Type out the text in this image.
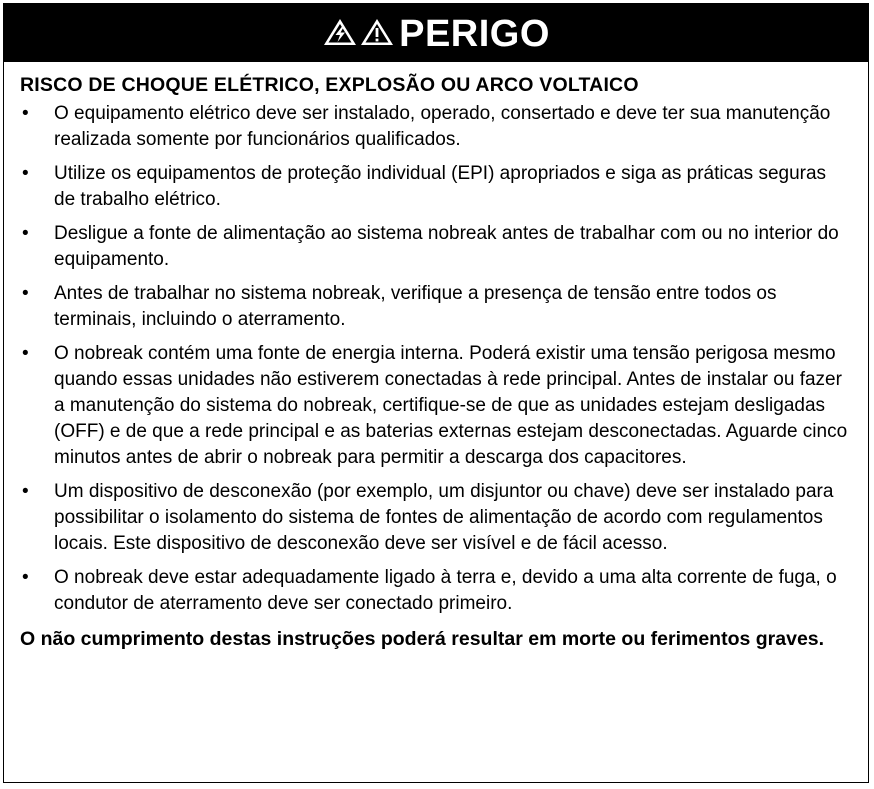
PERIGO
RISCO DE CHOQUE ELÉTRICO, EXPLOSÃO OU ARCO VOLTAICO
•	O equipamento elétrico deve ser instalado, operado, consertado e deve ter sua manutenção realizada somente por funcionários qualificados.
•	Utilize os equipamentos de proteção individual (EPI) apropriados e siga as práticas seguras de trabalho elétrico.
•	Desligue a fonte de alimentação ao sistema nobreak antes de trabalhar com ou no interior do equipamento.
•	Antes de trabalhar no sistema nobreak, verifique a presença de tensão entre todos os terminais, incluindo o aterramento.
•	O nobreak contém uma fonte de energia interna. Poderá existir uma tensão perigosa mesmo quando essas unidades não estiverem conectadas à rede principal. Antes de instalar ou fazer a manutenção do sistema do nobreak, certifique-se de que as unidades estejam desligadas (OFF) e de que a rede principal e as baterias externas estejam desconectadas. Aguarde cinco minutos antes de abrir o nobreak para permitir a descarga dos capacitores.
•	Um dispositivo de desconexão (por exemplo, um disjuntor ou chave) deve ser instalado para possibilitar o isolamento do sistema de fontes de alimentação de acordo com regulamentos locais. Este dispositivo de desconexão deve ser visível e de fácil acesso.
•	O nobreak deve estar adequadamente ligado à terra e, devido a uma alta corrente de fuga, o condutor de aterramento deve ser conectado primeiro.
O não cumprimento destas instruções poderá resultar em morte ou ferimentos graves.
